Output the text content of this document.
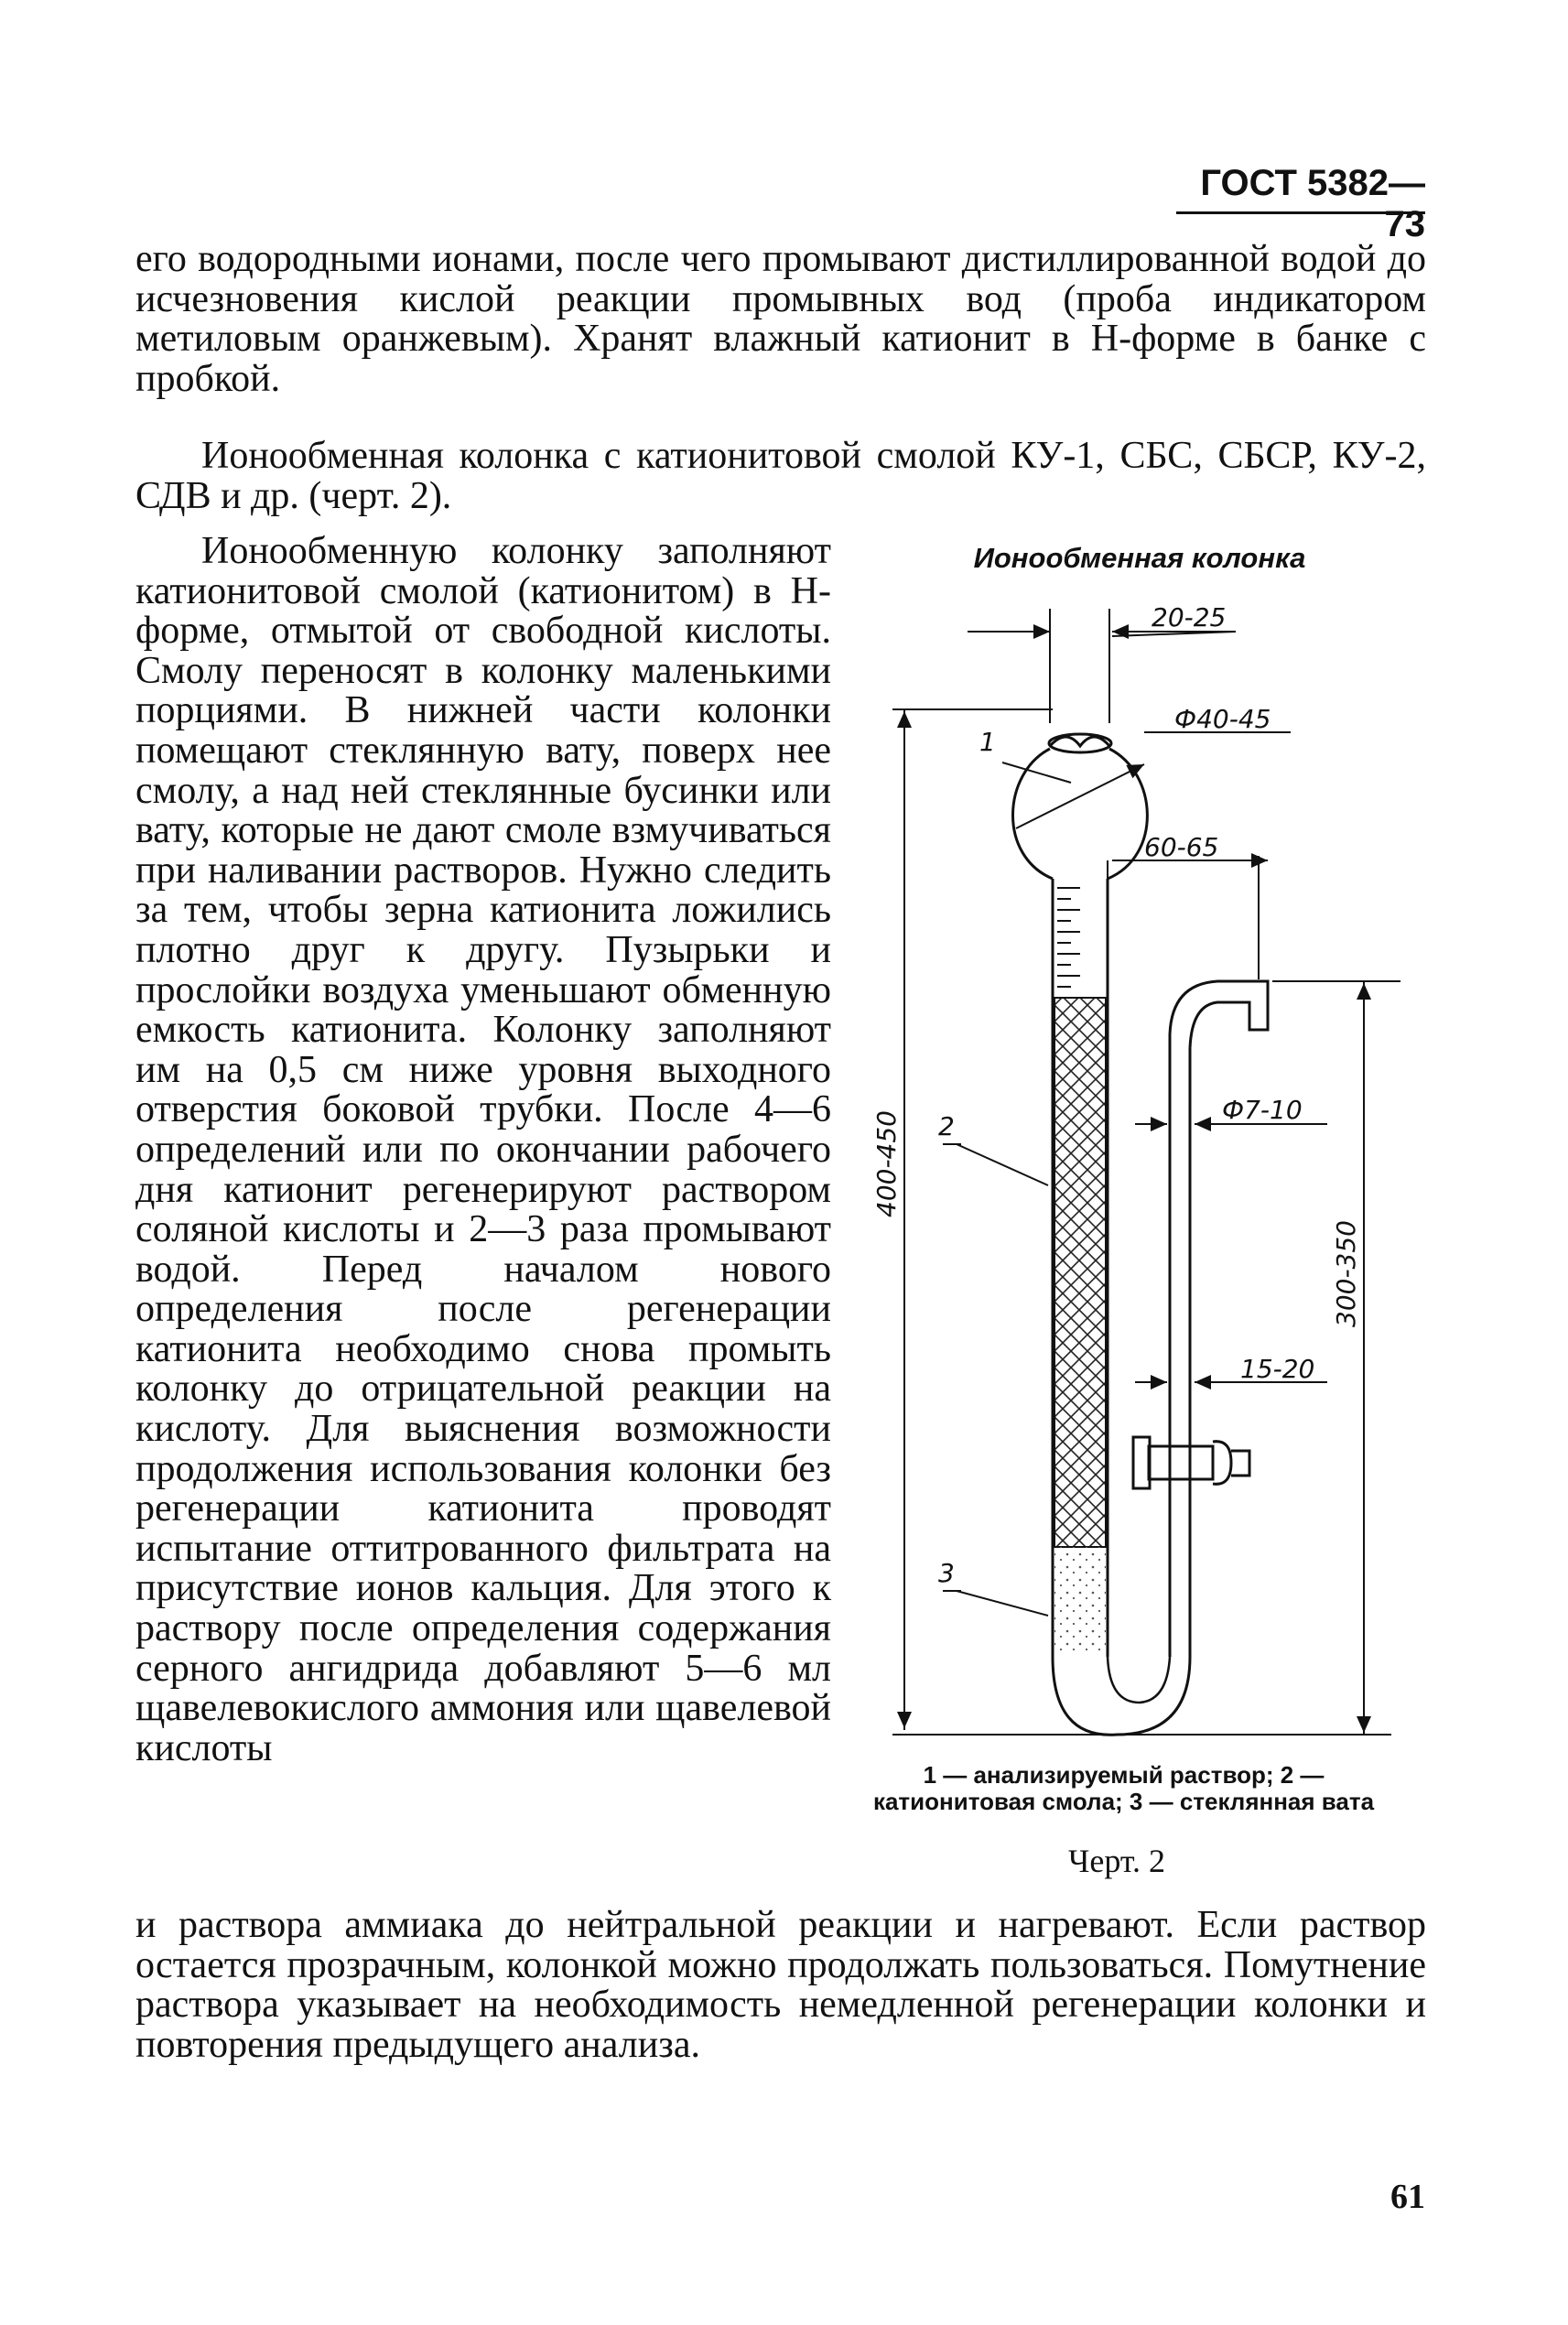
ГОСТ 5382—73

его водородными ионами, после чего промывают дистиллированной водой до исчезновения кислой реакции промывных вод (проба индикатором метиловым оранжевым). Хранят влажный катионит в Н-форме в банке с пробкой.

Ионообменная колонка с катионитовой смолой КУ-1, СБС, СБСР, КУ-2, СДВ и др. (черт. 2).

Ионообменную колонку заполняют катионитовой смолой (катионитом) в Н-форме, отмытой от свободной кислоты. Смолу переносят в колонку маленькими порциями. В нижней части колонки помещают стеклянную вату, поверх нее смолу, а над ней стеклянные бусинки или вату, которые не дают смоле взмучиваться при наливании растворов. Нужно следить за тем, чтобы зерна катионита ложились плотно друг к другу. Пузырьки и прослойки воздуха уменьшают обменную емкость катионита. Колонку заполняют им на 0,5 см ниже уровня выходного отверстия боковой трубки. После 4—6 определений или по окончании рабочего дня катионит регенерируют раствором соляной кислоты и 2—3 раза промывают водой. Перед началом нового определения после регенерации катионита необходимо снова промыть колонку до отрицательной реакции на кислоту. Для выяснения возможности продолжения использования колонки без регенерации катионита проводят испытание оттитрованного фильтрата на присутствие ионов кальция. Для этого к раствору после определения содержания серного ангидрида добавляют 5—6 мл щавелевокислого аммония или щавелевой кислоты

и раствора аммиака до нейтральной реакции и нагревают. Если раствор остается прозрачным, колонкой можно продолжать пользоваться. Помутнение раствора указывает на необходимость немедленной регенерации колонки и повторения предыдущего анализа.

Ионообменная колонка
20-25
Ф40-45
60-65
Ф7-10
15-20
400-450
300-350
1
2
3
1 — анализируемый раствор; 2 — катионитовая смола; 3 — стеклянная вата
Черт. 2
61
